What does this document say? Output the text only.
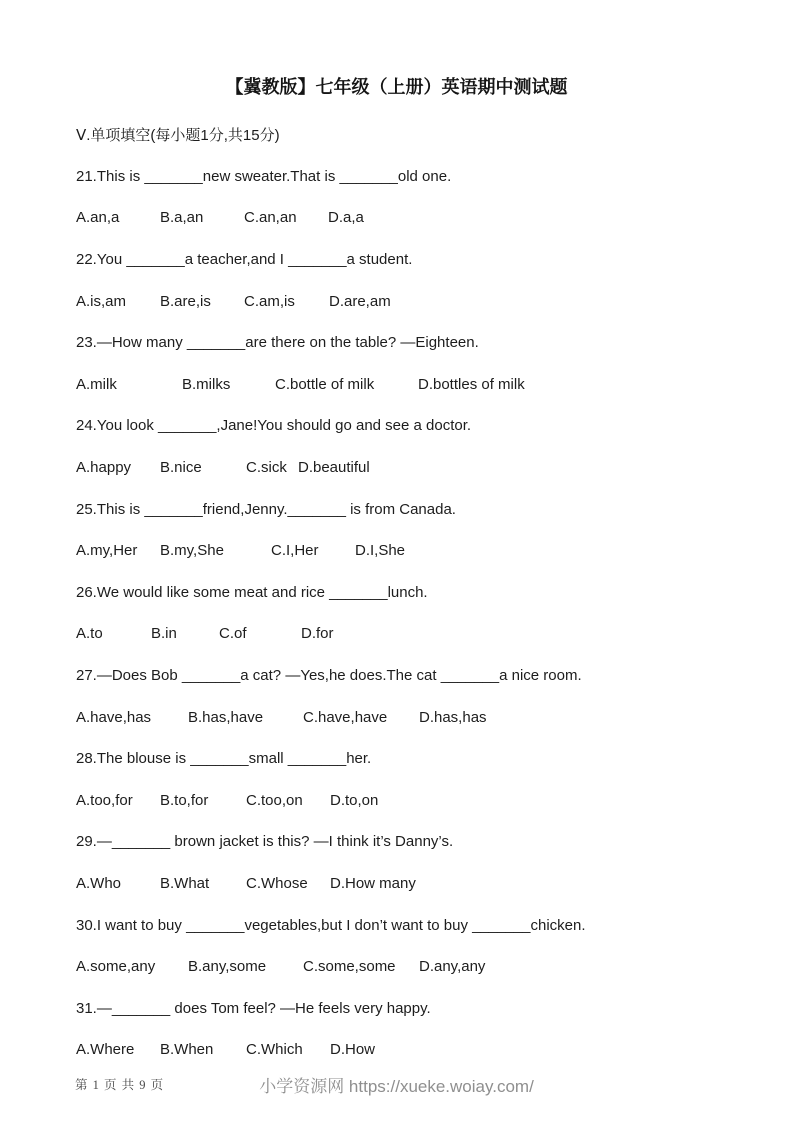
【冀教版】七年级（上册）英语期中测试题
Ⅴ.单项填空(每小题1分,共15分)
21.This is _______new sweater.That is _______old one.
A.an,a	B.a,an	C.an,an	D.a,a
22.You _______a teacher,and I _______a student.
A.is,am	B.are,is	C.am,is	D.are,am
23.—How many _______are there on the table? —Eighteen.
A.milk	B.milks	C.bottle of milk	D.bottles of milk
24.You look _______,Jane!You should go and see a doctor.
A.happy	B.nice	C.sick D.beautiful
25.This is _______friend,Jenny._______ is from Canada.
A.my,Her	B.my,She	C.I,Her	D.I,She
26.We would like some meat and rice _______lunch.
A.to	B.in	C.of	D.for
27.—Does Bob _______a cat? —Yes,he does.The cat _______a nice room.
A.have,has	B.has,have	C.have,have	D.has,has
28.The blouse is _______small _______her.
A.too,for	B.to,for	C.too,on	D.to,on
29.—_______ brown jacket is this? —I think it’s Danny’s.
A.Who	B.What	C.Whose	D.How many
30.I want to buy _______vegetables,but I don’t want to buy _______chicken.
A.some,any	B.any,some	C.some,some	D.any,any
31.—_______ does Tom feel? —He feels very happy.
A.Where	B.When	C.Which	D.How
第 1 页 共 9 页	小学资源网 https://xueke.woiay.com/
